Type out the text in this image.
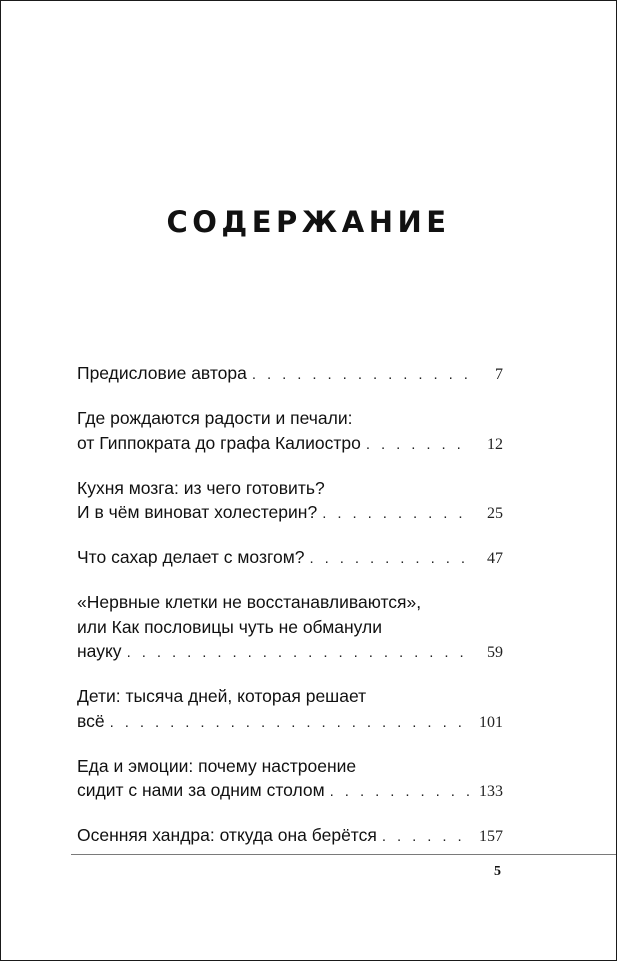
СОДЕРЖАНИЕ
Предисловие автора . . .	7
Где рождаются радости и печали:
от Гиппократа до графа Калиостро . . .	12
Кухня мозга: из чего готовить?
И в чём виноват холестерин? . . .	25
Что сахар делает с мозгом? . . .	47
«Нервные клетки не восстанавливаются»,
или Как пословицы чуть не обманули
науку . . .	59
Дети: тысяча дней, которая решает
всё . . .	101
Еда и эмоции: почему настроение
сидит с нами за одним столом . . .	133
Осенняя хандра: откуда она берётся . . .	157
5
